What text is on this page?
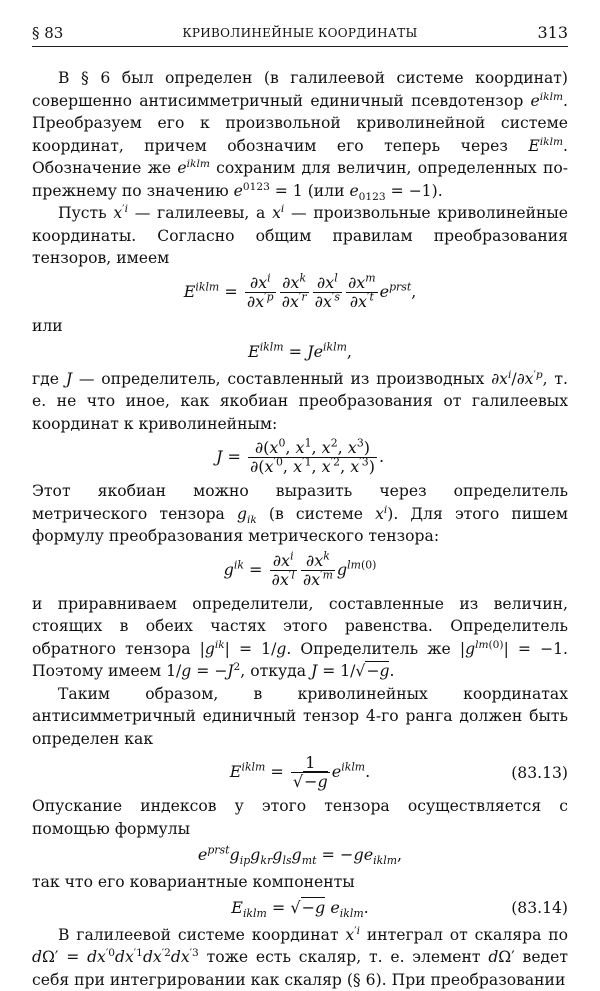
§ 83	КРИВОЛИНЕЙНЫЕ КООРДИНАТЫ	313

В § 6 был определен (в галилеевой системе координат) совершенно антисимметричный единичный псевдотензор $e^{iklm}$. Преобразуем его к произвольной криволинейной системе координат, причем обозначим его теперь через $E^{iklm}$. Обозначение же $e^{iklm}$ сохраним для величин, определенных по-прежнему по значению $e^{0123} = 1$ (или $e_{0123} = -1$).

Пусть $x^{'i}$ — галилеевы, а $x^i$ — произвольные криволинейные координаты. Согласно общим правилам преобразования тензоров, имеем

$E^{iklm} = \frac{\partial x^i}{\partial x^{'p}} \frac{\partial x^k}{\partial x^{'r}} \frac{\partial x^l}{\partial x^{'s}} \frac{\partial x^m}{\partial x^{'t}} e^{prst}$,

или

$E^{iklm} = Je^{iklm}$,

где J — определитель, составленный из производных $\partial x^i/\partial x^{'p}$, т. е. не что иное, как якобиан преобразования от галилеевых координат к криволинейным:

$J = \frac{\partial(x^0, x^1, x^2, x^3)}{\partial(x^{'0}, x^{'1}, x^{'2}, x^{'3})}$ .

Этот якобиан можно выразить через определитель метрического тензора $g_{ik}$ (в системе $x^i$). Для этого пишем формулу преобразования метрического тензора:

$g^{ik} = \frac{\partial x^i}{\partial x^{'l}} \frac{\partial x^k}{\partial x^{'m}} g^{lm(0)}$

и приравниваем определители, составленные из величин, стоящих в обеих частях этого равенства. Определитель обратного тензора $|g^{ik}| = 1/g$. Определитель же $|g^{lm(0)}| = -1$. Поэтому имеем $1/g = -J^2$, откуда J = 1/√−g.

Таким образом, в криволинейных координатах антисимметричный единичный тензор 4-го ранга должен быть определен как

$E^{iklm} = \frac{1}{√-g} e^{iklm}$.	(83.13)

Опускание индексов у этого тензора осуществляется с помощью формулы

$e^{prst}g_{ip}g_{kr}g_{ls}g_{mt} = -ge_{iklm}$,

так что его ковариантные компоненты

$E_{iklm} = √-g$ $e_{iklm}$.	(83.14)

В галилеевой системе координат $x^{'i}$ интеграл от скаляра по $d\Omega' = dx^{'0}dx^{'1}dx^{'2}dx^{'3}$ тоже есть скаляр, т. е. элемент dΩ′ ведет себя при интегрировании как скаляр (§ 6). При преобразовании
